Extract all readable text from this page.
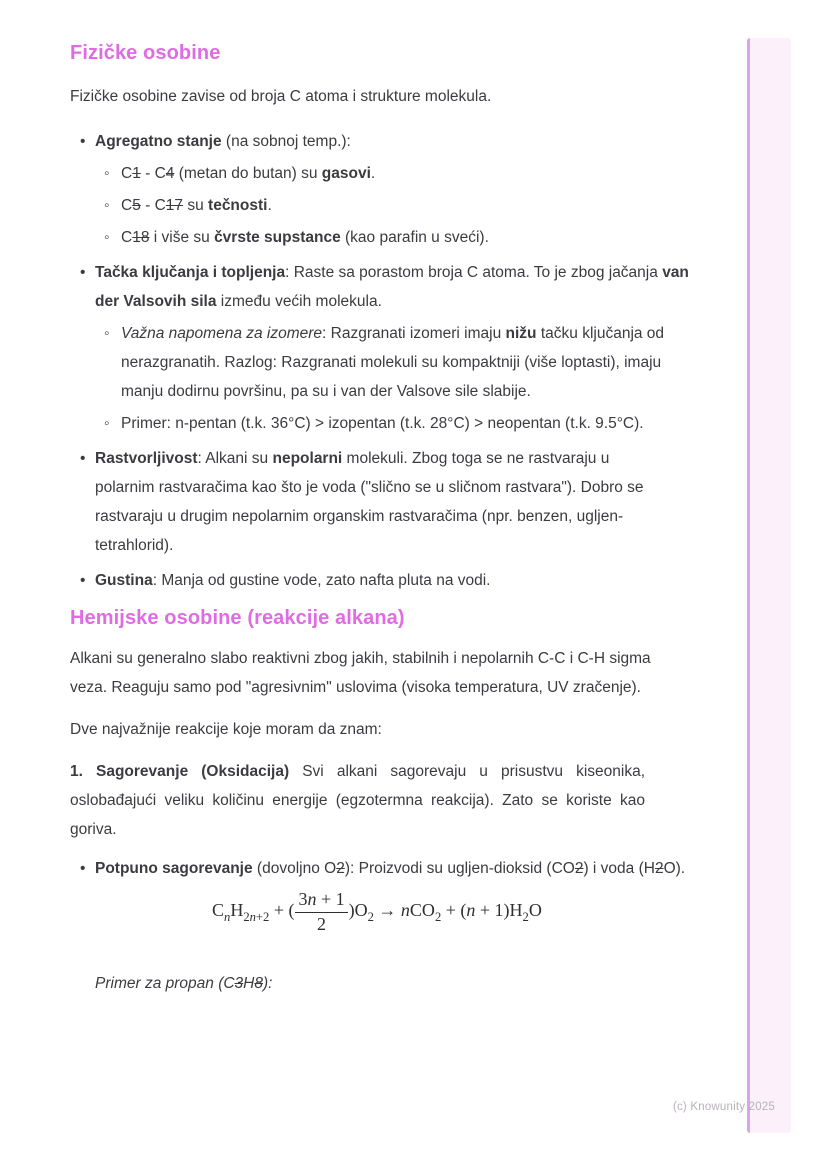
Fizičke osobine

Fizičke osobine zavise od broja C atoma i strukture molekula.

• Agregatno stanje (na sobnoj temp.):
◦ C1 - C4 (metan do butan) su gasovi.
◦ C5 - C17 su tečnosti.
◦ C18 i više su čvrste supstance (kao parafin u sveći).
• Tačka ključanja i topljenja: Raste sa porastom broja C atoma. To je zbog jačanja van der Valsovih sila između većih molekula.
◦ Važna napomena za izomere: Razgranati izomeri imaju nižu tačku ključanja od nerazgranatih. Razlog: Razgranati molekuli su kompaktniji (više loptasti), imaju manju dodirnu površinu, pa su i van der Valsove sile slabije.
◦ Primer: n-pentan (t.k. 36°C) > izopentan (t.k. 28°C) > neopentan (t.k. 9.5°C).
• Rastvorljivost: Alkani su nepolarni molekuli. Zbog toga se ne rastvaraju u polarnim rastvaračima kao što je voda ("slično se u sličnom rastvara"). Dobro se rastvaraju u drugim nepolarnim organskim rastvaračima (npr. benzen, ugljen-tetrahlorid).
• Gustina: Manja od gustine vode, zato nafta pluta na vodi.
Hemijske osobine (reakcije alkana)

Alkani su generalno slabo reaktivni zbog jakih, stabilnih i nepolarnih C-C i C-H sigma veza. Reaguju samo pod "agresivnim" uslovima (visoka temperatura, UV zračenje).

Dve najvažnije reakcije koje moram da znam:

1. Sagorevanje (Oksidacija) Svi alkani sagorevaju u prisustvu kiseonika, oslobađajući veliku količinu energije (egzotermna reakcija). Zato se koriste kao goriva.

• Potpuno sagorevanje (dovoljno O2): Proizvodi su ugljen-dioksid (CO2) i voda (H2O).
$C_nH_{2n+2}$ + ( $\frac{3n + 1}{2} )O_2 \to nCO_2 + (n + 1)H_2O$

Primer za propan (C3H8):

(c) Knowunity 2025
